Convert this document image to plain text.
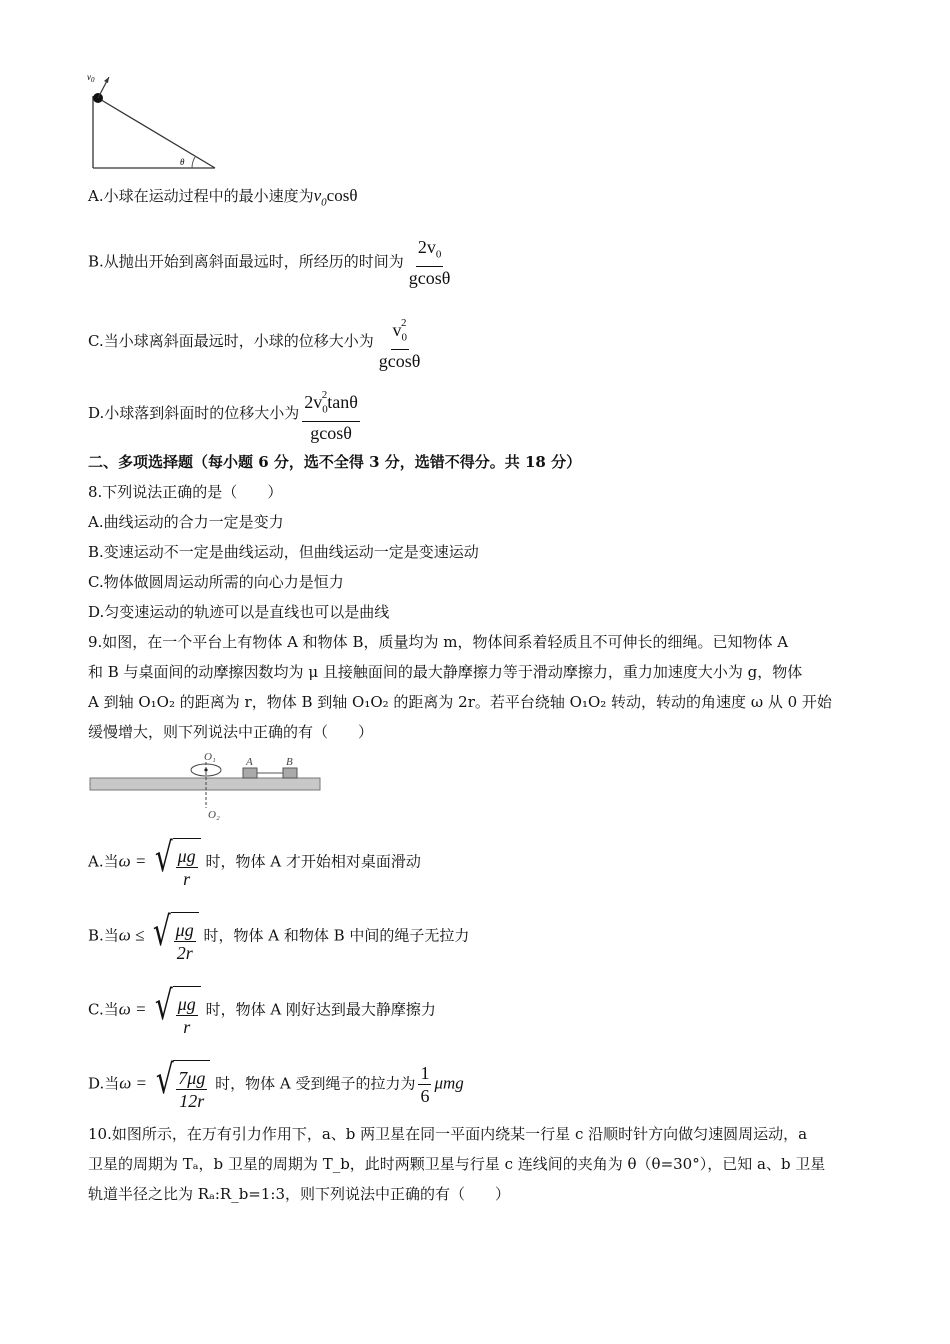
$v_0$
θ
A.小球在运动过程中的最小速度为$v_0\cos\theta$
B.从抛出开始到离斜面最远时，所经历的时间为 $\frac{2v_0}{gcos\theta}$
C.当小球离斜面最远时，小球的位移大小为 $\frac{v_0^2}{gcos\theta}$
D.小球落到斜面时的位移大小为 $\frac{2v_0^2\tan\theta}{gcos\theta}$
二、多项选择题（每小题 6 分，选不全得 3 分，选错不得分。共 18 分）
8.下列说法正确的是（　　）
A.曲线运动的合力一定是变力
B.变速运动不一定是曲线运动，但曲线运动一定是变速运动
C.物体做圆周运动所需的向心力是恒力
D.匀变速运动的轨迹可以是直线也可以是曲线
9.如图，在一个平台上有物体 A 和物体 B，质量均为 m，物体间系着轻质且不可伸长的细绳。已知物体 A
和 B 与桌面间的动摩擦因数均为 μ 且接触面间的最大静摩擦力等于滑动摩擦力，重力加速度大小为 g，物体
A 到轴 O₁O₂ 的距离为 r，物体 B 到轴 O₁O₂ 的距离为 2r。若平台绕轴 O₁O₂ 转动，转动的角速度 ω 从 0 开始
缓慢增大，则下列说法中正确的有（　　）
O₁
O₂
A	B
A.当ω = √ $\frac{\mu g}{r}$ 时，物体 A 才开始相对桌面滑动
B.当ω ≤ √ $\frac{\mu g}{2r}$ 时，物体 A 和物体 B 中间的绳子无拉力
C.当ω = √ $\frac{\mu g}{r}$ 时，物体 A 刚好达到最大静摩擦力
D.当ω = √ $\frac{7\mu g}{12r}$ 时，物体 A 受到绳子的拉力为 $\frac{1}{6}$ μmg
10.如图所示，在万有引力作用下，a、b 两卫星在同一平面内绕某一行星 c 沿顺时针方向做匀速圆周运动，a
卫星的周期为 Tₐ，b 卫星的周期为 T_b，此时两颗卫星与行星 c 连线间的夹角为 θ（θ=30°），已知 a、b 卫星
轨道半径之比为 Rₐ:R_b=1:3，则下列说法中正确的有（　　）
